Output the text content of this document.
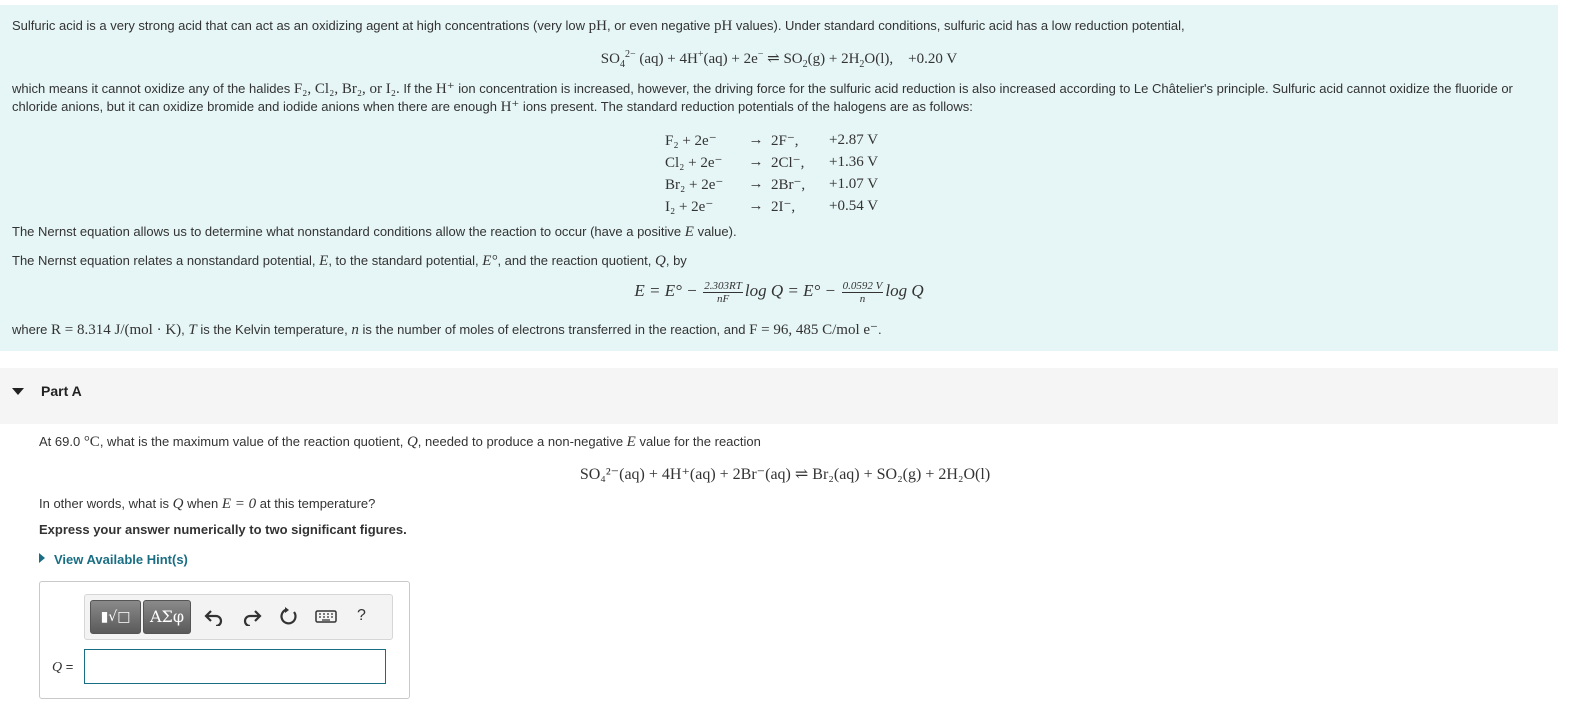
Sulfuric acid is a very strong acid that can act as an oxidizing agent at high concentrations (very low pH, or even negative pH values). Under standard conditions, sulfuric acid has a low reduction potential,

$SO_4^{2-}$ (aq) + 4H+(aq) + 2e− ⇌ $SO_2(g) + 2H_2O(l)$, +0.20 V

which means it cannot oxidize any of the halides F₂, Cl₂, Br₂, or I₂. If the H⁺ ion concentration is increased, however, the driving force for the sulfuric acid reduction is also increased according to Le Châtelier's principle. Sulfuric acid cannot oxidize the fluoride or
chloride anions, but it can oxidize bromide and iodide anions when there are enough H⁺ ions present. The standard reduction potentials of the halogens are as follows:

F₂ + 2e⁻	→	2F⁻,	+2.87 V
Cl₂ + 2e⁻	→	2Cl⁻,	+1.36 V
Br₂ + 2e⁻	→	2Br⁻,	+1.07 V
I₂ + 2e⁻	→	2I⁻,	+0.54 V

The Nernst equation allows us to determine what nonstandard conditions allow the reaction to occur (have a positive E value).

The Nernst equation relates a nonstandard potential, E, to the standard potential, E°, and the reaction quotient, Q, by

$E = E^\circ - \frac{2.303RT}{nF}$ $\log Q = E^\circ - \frac{0.0592 V}{n}$ log Q

where R = 8.314 J/(mol · K), T is the Kelvin temperature, n is the number of moles of electrons transferred in the reaction, and F = 96, 485 C/mol e⁻.

Part A
At 69.0 °C, what is the maximum value of the reaction quotient, Q, needed to produce a non-negative E value for the reaction
SO₄²⁻(aq) + 4H⁺(aq) + 2Br⁻(aq) ⇌ Br₂(aq) + SO₂(g) + 2H₂O(l)
In other words, what is Q when E = 0 at this temperature?
Express your answer numerically to two significant figures.
View Available Hint(s)
▮√□	ΑΣφ	?
Q =
